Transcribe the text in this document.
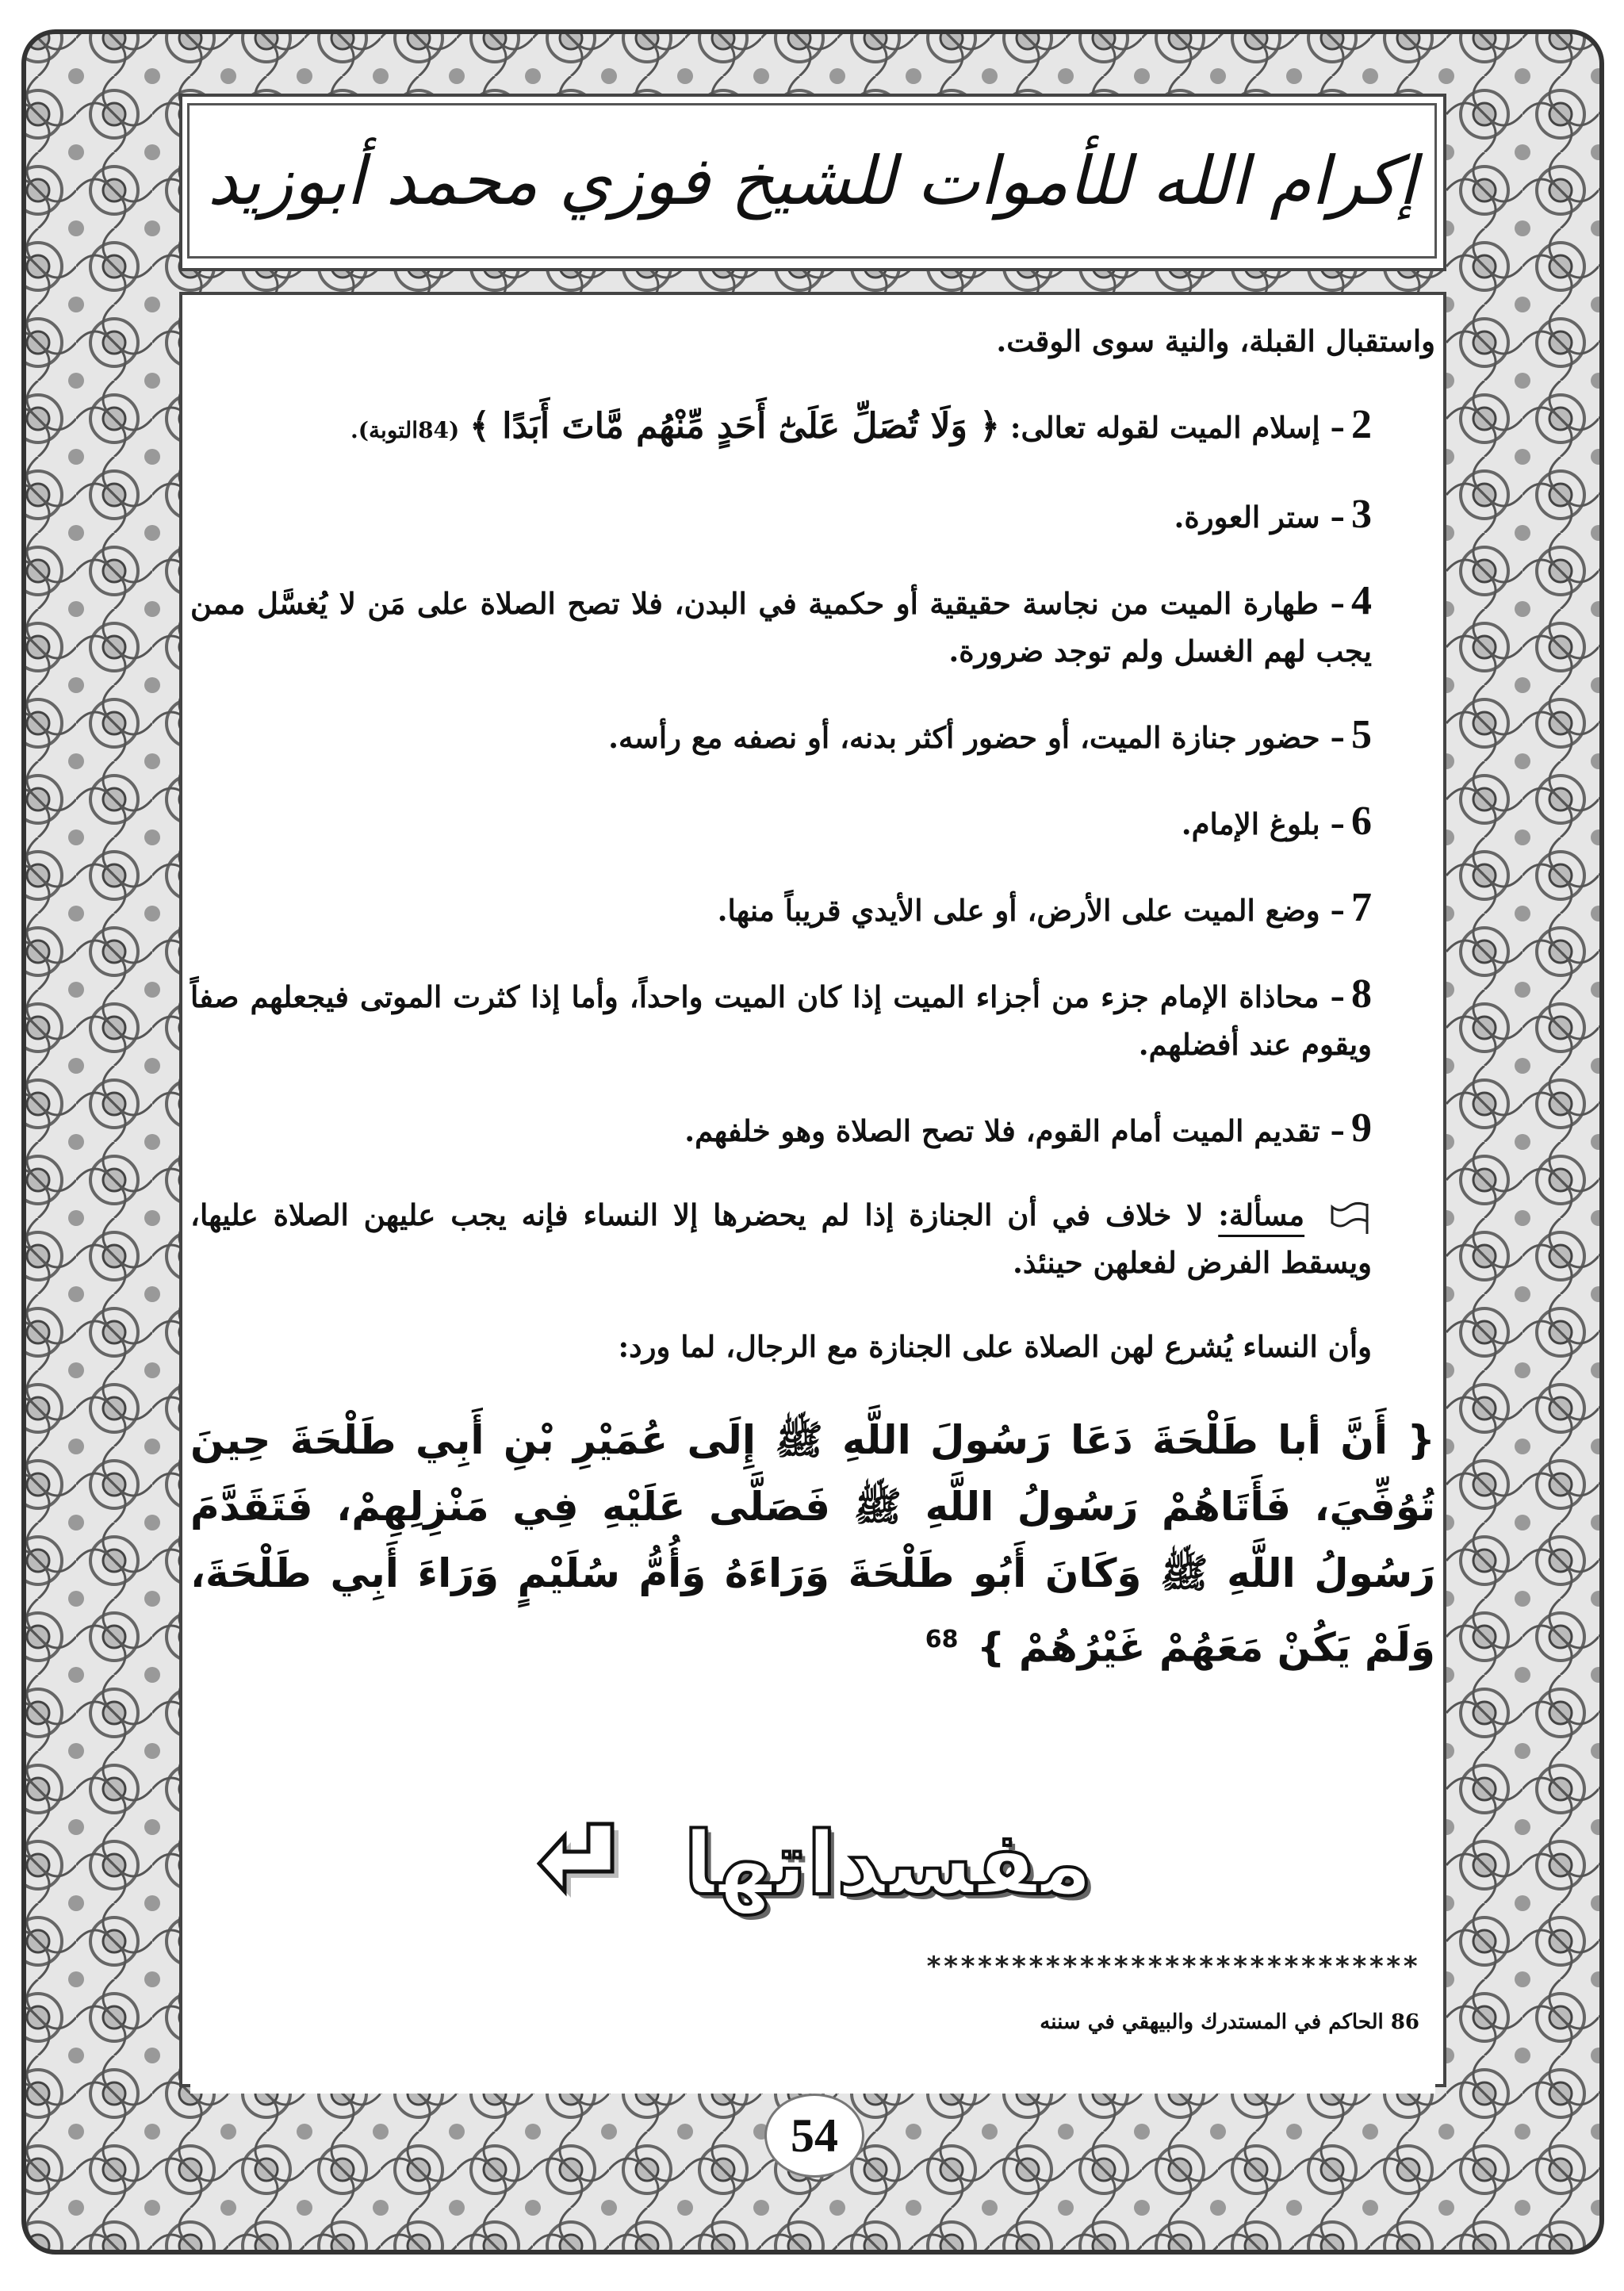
إكرام الله للأموات للشيخ فوزي محمد أبوزيد

واستقبال القبلة، والنية سوى الوقت.

2– إسلام الميت لقوله تعالى: ﴿ وَلَا تُصَلِّ عَلَىٰٓ أَحَدٍ مِّنْهُم مَّاتَ أَبَدًا ﴾ (84التوبة).

3– ستر العورة.

4– طهارة الميت من نجاسة حقيقية أو حكمية في البدن، فلا تصح الصلاة على مَن لا يُغسَّل ممن يجب لهم الغسل ولم توجد ضرورة.

5– حضور جنازة الميت، أو حضور أكثر بدنه، أو نصفه مع رأسه.

6– بلوغ الإمام.

7– وضع الميت على الأرض، أو على الأيدي قريباً منها.

8– محاذاة الإمام جزء من أجزاء الميت إذا كان الميت واحداً، وأما إذا كثرت الموتى فيجعلهم صفاً ويقوم عند أفضلهم.

9– تقديم الميت أمام القوم، فلا تصح الصلاة وهو خلفهم.

مسألة: لا خلاف في أن الجنازة إذا لم يحضرها إلا النساء فإنه يجب عليهن الصلاة عليها، ويسقط الفرض لفعلهن حينئذ.

وأن النساء يُشرع لهن الصلاة على الجنازة مع الرجال، لما ورد:

{ أَنَّ أبا طَلْحَةَ دَعَا رَسُولَ اللَّهِ ﷺ إِلَى عُمَيْرِ بْنِ أَبِي طَلْحَةَ حِينَ تُوُفِّيَ، فَأَتَاهُمْ رَسُولُ اللَّهِ ﷺ فَصَلَّى عَلَيْهِ فِي مَنْزِلِهِمْ، فَتَقَدَّمَ رَسُولُ اللَّهِ ﷺ وَكَانَ أَبُو طَلْحَةَ وَرَاءَهُ وَأُمُّ سُلَيْمٍ وَرَاءَ أَبِي طَلْحَةَ، وَلَمْ يَكُنْ مَعَهُمْ غَيْرُهُمْ } $^{68}$

مفسداتها
*****************************
86 الحاكم في المستدرك والبيهقي في سننه
54
